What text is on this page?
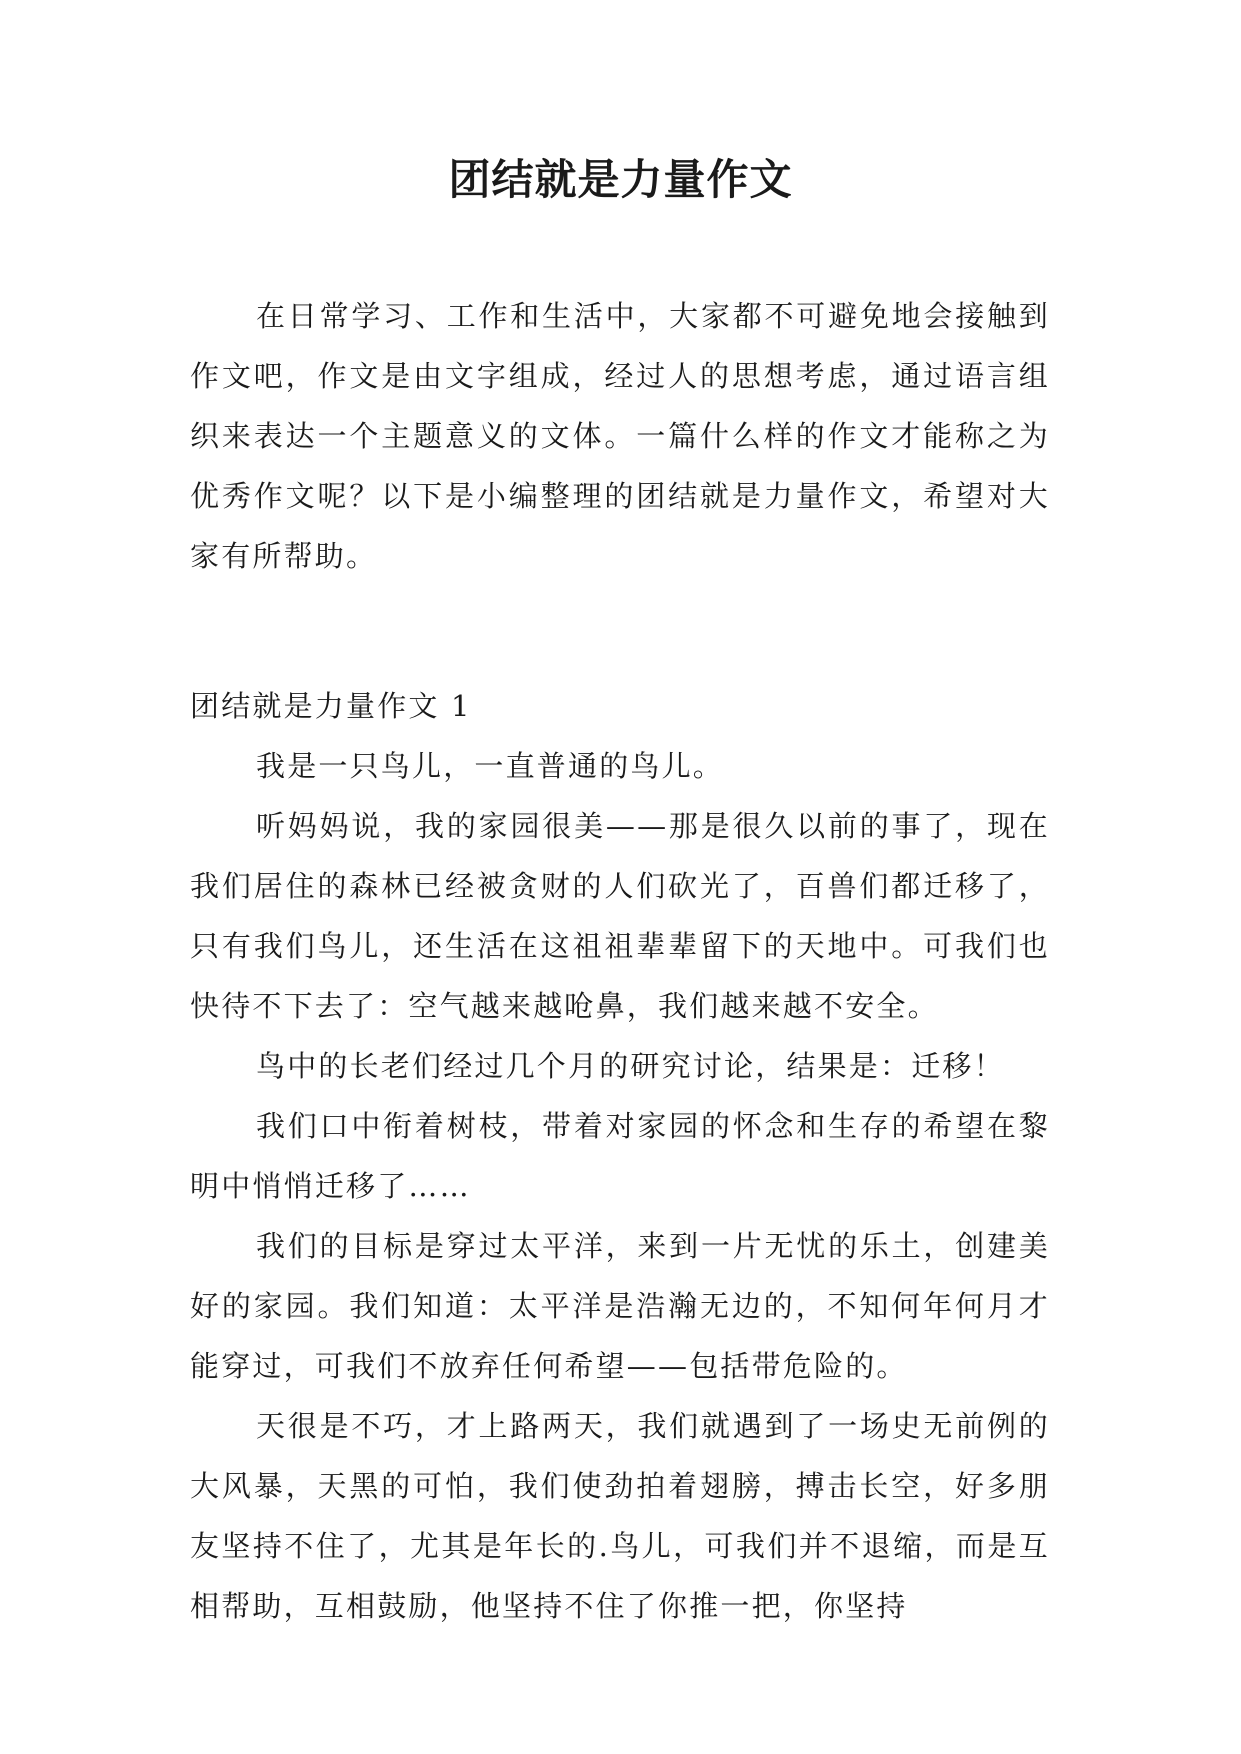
团结就是力量作文

在日常学习、工作和生活中，大家都不可避免地会接触到作文吧，作文是由文字组成，经过人的思想考虑，通过语言组织来表达一个主题意义的文体。一篇什么样的作文才能称之为优秀作文呢？以下是小编整理的团结就是力量作文，希望对大家有所帮助。

团结就是力量作文 1

我是一只鸟儿，一直普通的鸟儿。

听妈妈说，我的家园很美——那是很久以前的事了，现在我们居住的森林已经被贪财的人们砍光了，百兽们都迁移了，只有我们鸟儿，还生活在这祖祖辈辈留下的天地中。可我们也快待不下去了：空气越来越呛鼻，我们越来越不安全。

鸟中的长老们经过几个月的研究讨论，结果是：迁移！

我们口中衔着树枝，带着对家园的怀念和生存的希望在黎明中悄悄迁移了……

我们的目标是穿过太平洋，来到一片无忧的乐土，创建美好的家园。我们知道：太平洋是浩瀚无边的，不知何年何月才能穿过，可我们不放弃任何希望——包括带危险的。

天很是不巧，才上路两天，我们就遇到了一场史无前例的大风暴，天黑的可怕，我们使劲拍着翅膀，搏击长空，好多朋友坚持不住了，尤其是年长的.鸟儿，可我们并不退缩，而是互相帮助，互相鼓励，他坚持不住了你推一把，你坚持
